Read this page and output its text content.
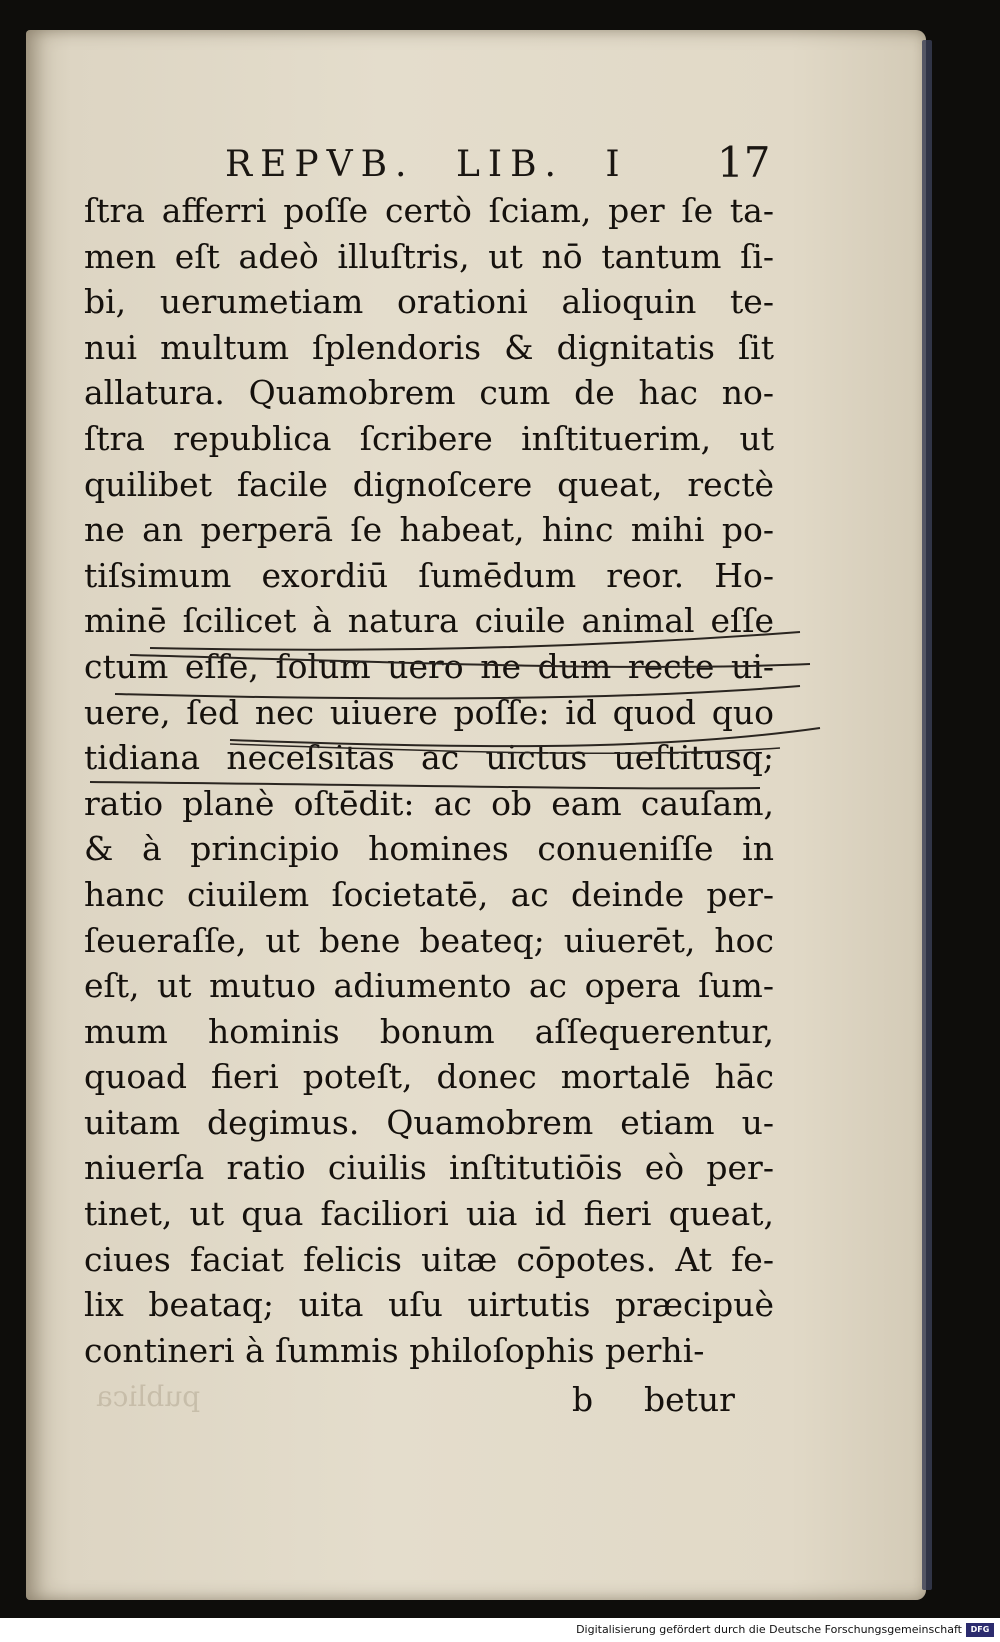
REPVB. LIB. I 17
ſtra afferri poſſe certò ſciam, per ſe ta-
men eſt adeò illuſtris, ut nō tantum ſi-
bi, uerumetiam orationi alioquin te-
nui multum ſplendoris & dignitatis ſit
allatura. Quamobrem cum de hac no-
ſtra republica ſcribere inſtituerim, ut
quilibet facile dignoſcere queat, rectè
ne an perperā ſe habeat, hinc mihi po-
tiſsimum exordiū ſumēdum reor. Ho-
minē ſcilicet à natura ciuile animal eſſe
ctum eſſe, ſolum uero ne dum recte ui-
uere, ſed nec uiuere poſſe: id quod quo
tidiana neceſsitas ac uictus ueſtitusq;
ratio planè oſtēdit: ac ob eam cauſam,
& à principio homines conueniſſe in
hanc ciuilem ſocietatē, ac deinde per-
ſeueraſſe, ut bene beateq; uiuerēt, hoc
eſt, ut mutuo adiumento ac opera ſum-
mum hominis bonum aſſequerentur,
quoad fieri poteſt, donec mortalē hāc
uitam degimus. Quamobrem etiam u-
niuerſa ratio ciuilis inſtitutiōis eò per-
tinet, ut qua faciliori uia id fieri queat,
ciues faciat felicis uitæ cōpotes. At fe-
lix beataq; uita uſu uirtutis præcipuè
contineri à ſummis philoſophis perhi-
publica	b betur
Digitalisierung gefördert durch die Deutsche Forschungsgemeinschaft	DFG
